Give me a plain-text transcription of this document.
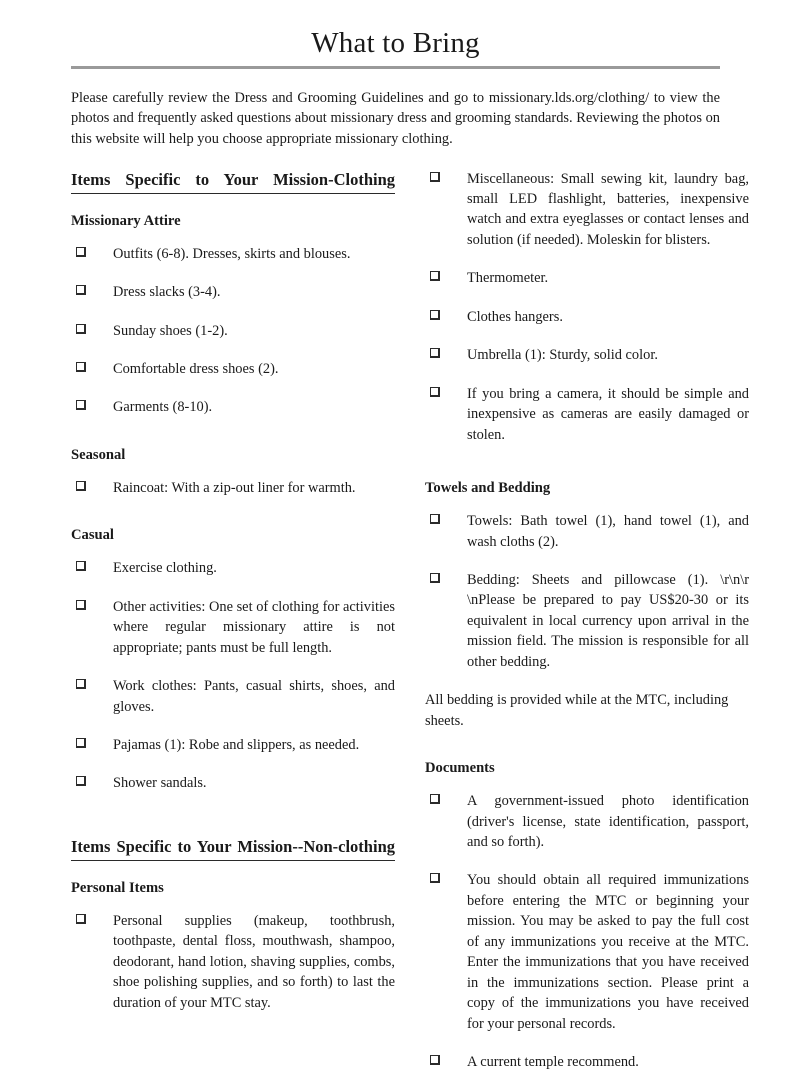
What to Bring

Please carefully review the Dress and Grooming Guidelines and go to missionary.lds.org/clothing/ to view the photos and frequently asked questions about missionary dress and grooming standards. Reviewing the photos on this website will help you choose appropriate missionary clothing.

Items Specific to Your Mission-Clothing
Missionary Attire
Outfits (6-8). Dresses, skirts and blouses.
Dress slacks (3-4).
Sunday shoes (1-2).
Comfortable dress shoes (2).
Garments (8-10).
Seasonal
Raincoat: With a zip-out liner for warmth.
Casual
Exercise clothing.
Other activities: One set of clothing for activities where regular missionary attire is not appropriate; pants must be full length.
Work clothes: Pants, casual shirts, shoes, and gloves.
Pajamas (1): Robe and slippers, as needed.
Shower sandals.
Items Specific to Your Mission--Non-clothing
Personal Items
Personal supplies (makeup, toothbrush, toothpaste, dental floss, mouthwash, shampoo, deodorant, hand lotion, shaving supplies, combs, shoe polishing supplies, and so forth) to last the duration of your MTC stay.
Miscellaneous: Small sewing kit, laundry bag, small LED flashlight, batteries, inexpensive watch and extra eyeglasses or contact lenses and solution (if needed). Moleskin for blisters.
Thermometer.
Clothes hangers.
Umbrella (1): Sturdy, solid color.
If you bring a camera, it should be simple and inexpensive as cameras are easily damaged or stolen.
Towels and Bedding
Towels: Bath towel (1), hand towel (1), and wash cloths (2).
Bedding: Sheets and pillowcase (1). \r\n\r \nPlease be prepared to pay US$20-30 or its equivalent in local currency upon arrival in the mission field. The mission is responsible for all other bedding.

All bedding is provided while at the MTC, including sheets.

Documents
A government-issued photo identification (driver's license, state identification, passport, and so forth).
You should obtain all required immunizations before entering the MTC or beginning your mission. You may be asked to pay the full cost of any immunizations you receive at the MTC. Enter the immunizations that you have received in the immunizations section. Please print a copy of the immunizations you have received for your personal records.
A current temple recommend.
